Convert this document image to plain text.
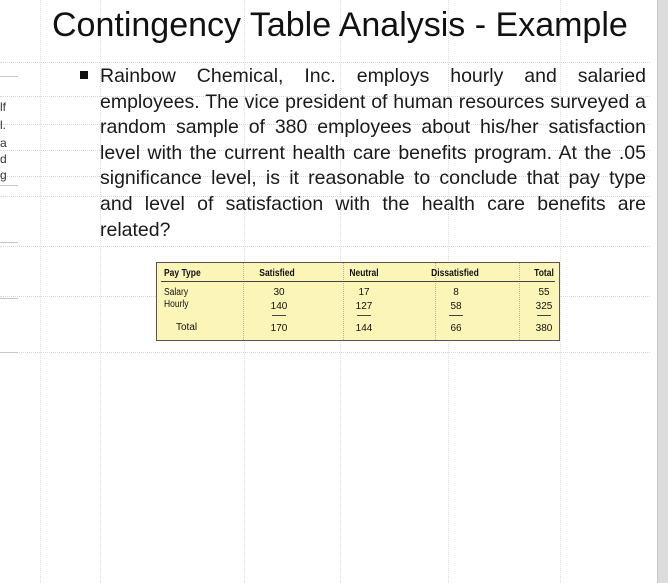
lf
l.
a
d
g
Contingency Table Analysis - Example
Rainbow Chemical, Inc. employs hourly and salaried employees. The vice president of human resources surveyed a random sample of 380 employees about his/her satisfaction level with the current health care benefits program. At the .05 significance level, is it reasonable to conclude that pay type and level of satisfaction with the health care benefits are related?
Pay Type	Satisfied	Neutral	Dissatisfied	Total
Salary	30	17	8	55
Hourly	140	127	58	325
Total	170	144	66	380
